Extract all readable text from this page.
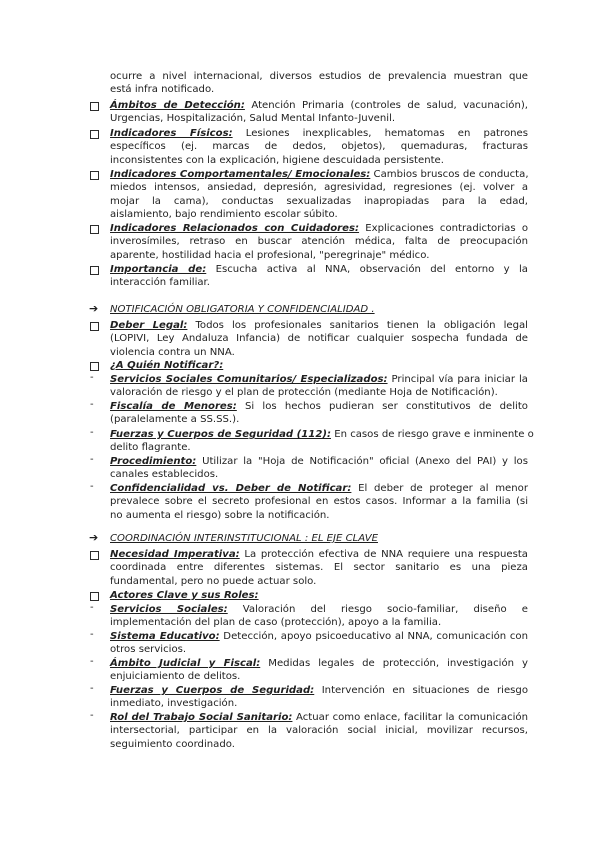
ocurre a nivel internacional, diversos estudios de prevalencia muestran que
está infra notificado.
Ámbitos de Detección: Atención Primaria (controles de salud, vacunación),
Urgencias, Hospitalización, Salud Mental Infanto-Juvenil.
Indicadores Físicos: Lesiones inexplicables, hematomas en patrones
específicos (ej. marcas de dedos, objetos), quemaduras, fracturas
inconsistentes con la explicación, higiene descuidada persistente.
Indicadores Comportamentales/ Emocionales: Cambios bruscos de conducta,
miedos intensos, ansiedad, depresión, agresividad, regresiones (ej. volver a
mojar la cama), conductas sexualizadas inapropiadas para la edad,
aislamiento, bajo rendimiento escolar súbito.
Indicadores Relacionados con Cuidadores: Explicaciones contradictorias o
inverosímiles, retraso en buscar atención médica, falta de preocupación
aparente, hostilidad hacia el profesional, "peregrinaje" médico.
Importancia de: Escucha activa al NNA, observación del entorno y la
interacción familiar.
➔ NOTIFICACIÓN OBLIGATORIA Y CONFIDENCIALIDAD .
Deber Legal: Todos los profesionales sanitarios tienen la obligación legal
(LOPIVI, Ley Andaluza Infancia) de notificar cualquier sospecha fundada de
violencia contra un NNA.
¿A Quién Notificar?:
- Servicios Sociales Comunitarios/ Especializados: Principal vía para iniciar la
valoración de riesgo y el plan de protección (mediante Hoja de Notificación).
- Fiscalía de Menores: Si los hechos pudieran ser constitutivos de delito
(paralelamente a SS.SS.).
- Fuerzas y Cuerpos de Seguridad (112): En casos de riesgo grave e inminente o
delito flagrante.
- Procedimiento: Utilizar la "Hoja de Notificación" oficial (Anexo del PAI) y los
canales establecidos.
- Confidencialidad vs. Deber de Notificar: El deber de proteger al menor
prevalece sobre el secreto profesional en estos casos. Informar a la familia (si
no aumenta el riesgo) sobre la notificación.
➔ COORDINACIÓN INTERINSTITUCIONAL : EL EJE CLAVE
Necesidad Imperativa: La protección efectiva de NNA requiere una respuesta
coordinada entre diferentes sistemas. El sector sanitario es una pieza
fundamental, pero no puede actuar solo.
Actores Clave y sus Roles:
- Servicios Sociales: Valoración del riesgo socio-familiar, diseño e
implementación del plan de caso (protección), apoyo a la familia.
- Sistema Educativo: Detección, apoyo psicoeducativo al NNA, comunicación con
otros servicios.
- Ámbito Judicial y Fiscal: Medidas legales de protección, investigación y
enjuiciamiento de delitos.
- Fuerzas y Cuerpos de Seguridad: Intervención en situaciones de riesgo
inmediato, investigación.
- Rol del Trabajo Social Sanitario: Actuar como enlace, facilitar la comunicación
intersectorial, participar en la valoración social inicial, movilizar recursos,
seguimiento coordinado.
